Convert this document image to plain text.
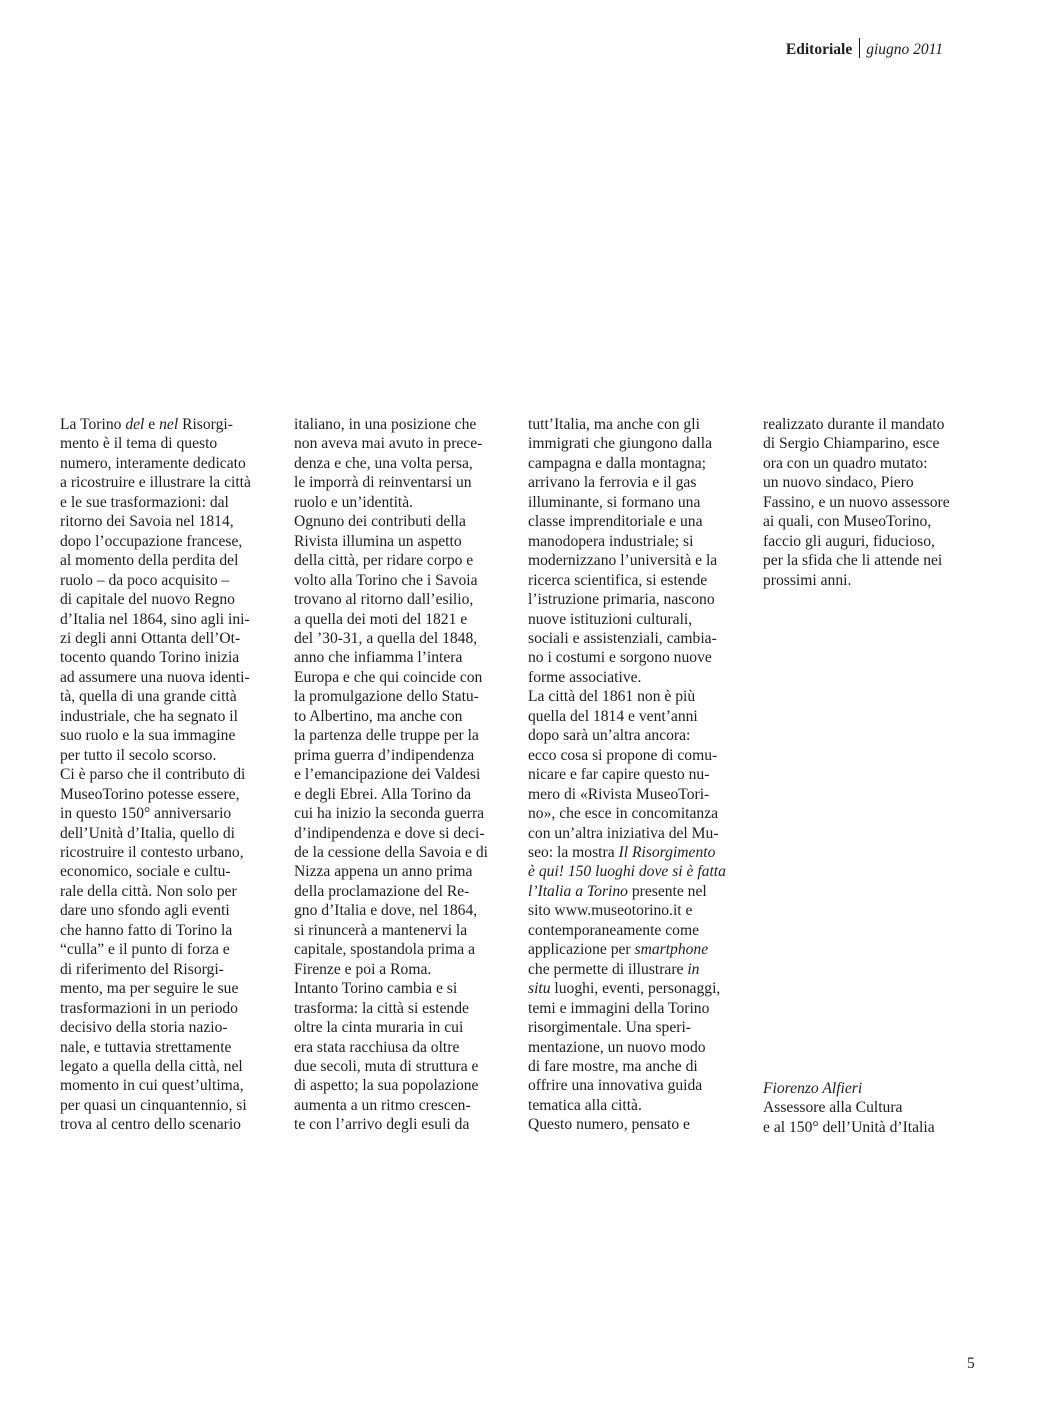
Editoriale giugno 2011
La Torino del e nel Risorgi-
mento è il tema di questo
numero, interamente dedicato
a ricostruire e illustrare la città
e le sue trasformazioni: dal
ritorno dei Savoia nel 1814,
dopo l’occupazione francese,
al momento della perdita del
ruolo – da poco acquisito –
di capitale del nuovo Regno
d’Italia nel 1864, sino agli ini-
zi degli anni Ottanta dell’Ot-
tocento quando Torino inizia
ad assumere una nuova identi-
tà, quella di una grande città
industriale, che ha segnato il
suo ruolo e la sua immagine
per tutto il secolo scorso.
Ci è parso che il contributo di
MuseoTorino potesse essere,
in questo 150° anniversario
dell’Unità d’Italia, quello di
ricostruire il contesto urbano,
economico, sociale e cultu-
rale della città. Non solo per
dare uno sfondo agli eventi
che hanno fatto di Torino la
“culla” e il punto di forza e
di riferimento del Risorgi-
mento, ma per seguire le sue
trasformazioni in un periodo
decisivo della storia nazio-
nale, e tuttavia strettamente
legato a quella della città, nel
momento in cui quest’ultima,
per quasi un cinquantennio, si
trova al centro dello scenario
italiano, in una posizione che
non aveva mai avuto in prece-
denza e che, una volta persa,
le imporrà di reinventarsi un
ruolo e un’identità.
Ognuno dei contributi della
Rivista illumina un aspetto
della città, per ridare corpo e
volto alla Torino che i Savoia
trovano al ritorno dall’esilio,
a quella dei moti del 1821 e
del ’30-31, a quella del 1848,
anno che infiamma l’intera
Europa e che qui coincide con
la promulgazione dello Statu-
to Albertino, ma anche con
la partenza delle truppe per la
prima guerra d’indipendenza
e l’emancipazione dei Valdesi
e degli Ebrei. Alla Torino da
cui ha inizio la seconda guerra
d’indipendenza e dove si deci-
de la cessione della Savoia e di
Nizza appena un anno prima
della proclamazione del Re-
gno d’Italia e dove, nel 1864,
si rinuncerà a mantenervi la
capitale, spostandola prima a
Firenze e poi a Roma.
Intanto Torino cambia e si
trasforma: la città si estende
oltre la cinta muraria in cui
era stata racchiusa da oltre
due secoli, muta di struttura e
di aspetto; la sua popolazione
aumenta a un ritmo crescen-
te con l’arrivo degli esuli da
tutt’Italia, ma anche con gli
immigrati che giungono dalla
campagna e dalla montagna;
arrivano la ferrovia e il gas
illuminante, si formano una
classe imprenditoriale e una
manodopera industriale; si
modernizzano l’università e la
ricerca scientifica, si estende
l’istruzione primaria, nascono
nuove istituzioni culturali,
sociali e assistenziali, cambia-
no i costumi e sorgono nuove
forme associative.
La città del 1861 non è più
quella del 1814 e vent’anni
dopo sarà un’altra ancora:
ecco cosa si propone di comu-
nicare e far capire questo nu-
mero di «Rivista MuseoTori-
no», che esce in concomitanza
con un’altra iniziativa del Mu-
seo: la mostra Il Risorgimento
è qui! 150 luoghi dove si è fatta
l’Italia a Torino presente nel
sito www.museotorino.it e
contemporaneamente come
applicazione per smartphone
che permette di illustrare in
situ luoghi, eventi, personaggi,
temi e immagini della Torino
risorgimentale. Una speri-
mentazione, un nuovo modo
di fare mostre, ma anche di
offrire una innovativa guida
tematica alla città.
Questo numero, pensato e
realizzato durante il mandato
di Sergio Chiamparino, esce
ora con un quadro mutato:
un nuovo sindaco, Piero
Fassino, e un nuovo assessore
ai quali, con MuseoTorino,
faccio gli auguri, fiducioso,
per la sfida che li attende nei
prossimi anni.
Fiorenzo Alfieri
Assessore alla Cultura
e al 150° dell’Unità d’Italia
5
